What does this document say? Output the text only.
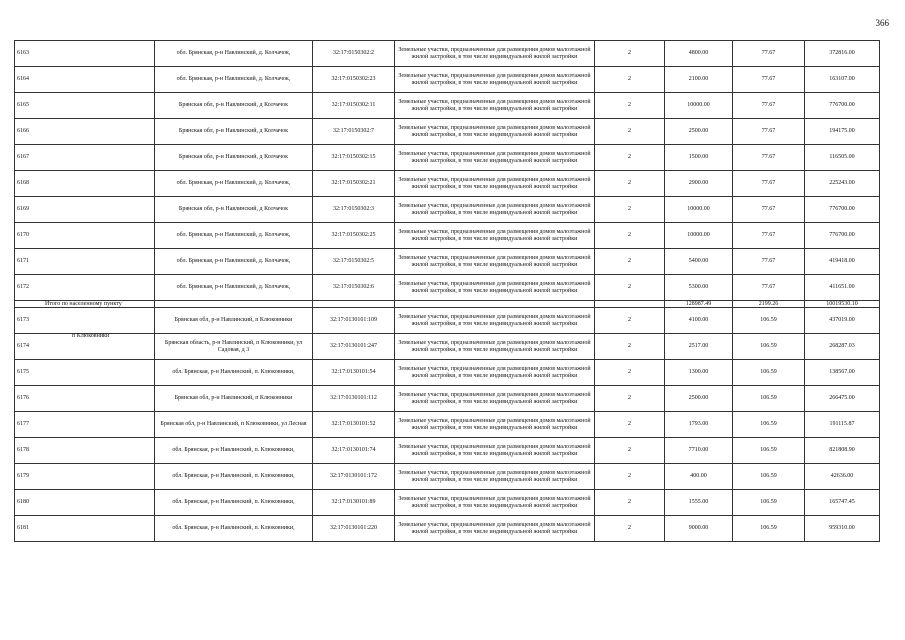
366
6163	обл. Брянская, р-н Навлинский, д. Колчачок,	32:17:0150302:2	Земельные участки, предназначенные для размещения домов малоэтажной жилой застройки, в том числе индивидуальной жилой застройки	2	4800.00	77.67	372816.00
6164	обл. Брянская, р-н Навлинский, д. Колчачок,	32:17:0150302:23	Земельные участки, предназначенные для размещения домов малоэтажной жилой застройки, в том числе индивидуальной жилой застройки	2	2100.00	77.67	163107.00
6165	Брянская обл, р-н Навлинский, д Колчачок	32:17:0150302:11	Земельные участки, предназначенные для размещения домов малоэтажной жилой застройки, в том числе индивидуальной жилой застройки	2	10000.00	77.67	776700.00
6166	Брянская обл, р-н Навлинский, д Колчачок	32:17:0150302:7	Земельные участки, предназначенные для размещения домов малоэтажной жилой застройки, в том числе индивидуальной жилой застройки	2	2500.00	77.67	194175.00
6167	Брянская обл, р-н Навлинский, д Колчачок	32:17:0150302:15	Земельные участки, предназначенные для размещения домов малоэтажной жилой застройки, в том числе индивидуальной жилой застройки	2	1500.00	77.67	116505.00
6168	обл. Брянская, р-н Навлинский, д. Колчачок,	32:17:0150302:21	Земельные участки, предназначенные для размещения домов малоэтажной жилой застройки, в том числе индивидуальной жилой застройки	2	2900.00	77.67	225243.00
6169	Брянская обл, р-н Навлинский, д Колчачок	32:17:0150302:3	Земельные участки, предназначенные для размещения домов малоэтажной жилой застройки, в том числе индивидуальной жилой застройки	2	10000.00	77.67	776700.00
6170	обл. Брянская, р-н Навлинский, д. Колчачок,	32:17:0150302:25	Земельные участки, предназначенные для размещения домов малоэтажной жилой застройки, в том числе индивидуальной жилой застройки	2	10000.00	77.67	776700.00
6171	обл. Брянская, р-н Навлинский, д. Колчачок,	32:17:0150302:5	Земельные участки, предназначенные для размещения домов малоэтажной жилой застройки, в том числе индивидуальной жилой застройки	2	5400.00	77.67	419418.00
6172	обл. Брянская, р-н Навлинский, д. Колчачок,	32:17:0150302:6	Земельные участки, предназначенные для размещения домов малоэтажной жилой застройки, в том числе индивидуальной жилой застройки	2	5300.00	77.67	411651.00
Итого по населенному пункту					128987.49	2199.26	10019530.10
6173	Брянская обл, р-н Навлинский, п Клюковники	32:17:0130101:109	Земельные участки, предназначенные для размещения домов малоэтажной жилой застройки, в том числе индивидуальной жилой застройки	2	4100.00	106.59	437019.00
6174	Брянская область, р-н Навлинский, п Клюковники, ул Садовая, д 3	32:17:0130101:247	Земельные участки, предназначенные для размещения домов малоэтажной жилой застройки, в том числе индивидуальной жилой застройки	2	2517.00	106.59	268287.03
6175	обл. Брянская, р-н Навлинский, п. Клюковники,	32:17:0130101:54	Земельные участки, предназначенные для размещения домов малоэтажной жилой застройки, в том числе индивидуальной жилой застройки	2	1300.00	106.59	138567.00
6176	Брянская обл, р-н Навлинский, п Клюковники	32:17:0130101:112	Земельные участки, предназначенные для размещения домов малоэтажной жилой застройки, в том числе индивидуальной жилой застройки	2	2500.00	106.59	266475.00
6177	Брянская обл, р-н Навлинский, п Клюковники, ул Лесная	32:17:0130101:52	Земельные участки, предназначенные для размещения домов малоэтажной жилой застройки, в том числе индивидуальной жилой застройки	2	1793.00	106.59	191115.87
6178	обл. Брянская, р-н Навлинский, п. Клюковники,	32:17:0130101:74	Земельные участки, предназначенные для размещения домов малоэтажной жилой застройки, в том числе индивидуальной жилой застройки	2	7710.00	106.59	821808.90
6179	обл. Брянская, р-н Навлинский, п. Клюковники,	32:17:0130101:172	Земельные участки, предназначенные для размещения домов малоэтажной жилой застройки, в том числе индивидуальной жилой застройки	2	400.00	106.59	42636.00
6180	обл. Брянская, р-н Навлинский, п. Клюковники,	32:17:0130101:89	Земельные участки, предназначенные для размещения домов малоэтажной жилой застройки, в том числе индивидуальной жилой застройки	2	1555.00	106.59	165747.45
6181	обл. Брянская, р-н Навлинский, п. Клюковники,	32:17:0130101:220	Земельные участки, предназначенные для размещения домов малоэтажной жилой застройки, в том числе индивидуальной жилой застройки	2	9000.00	106.59	959310.00
п Клюковники
